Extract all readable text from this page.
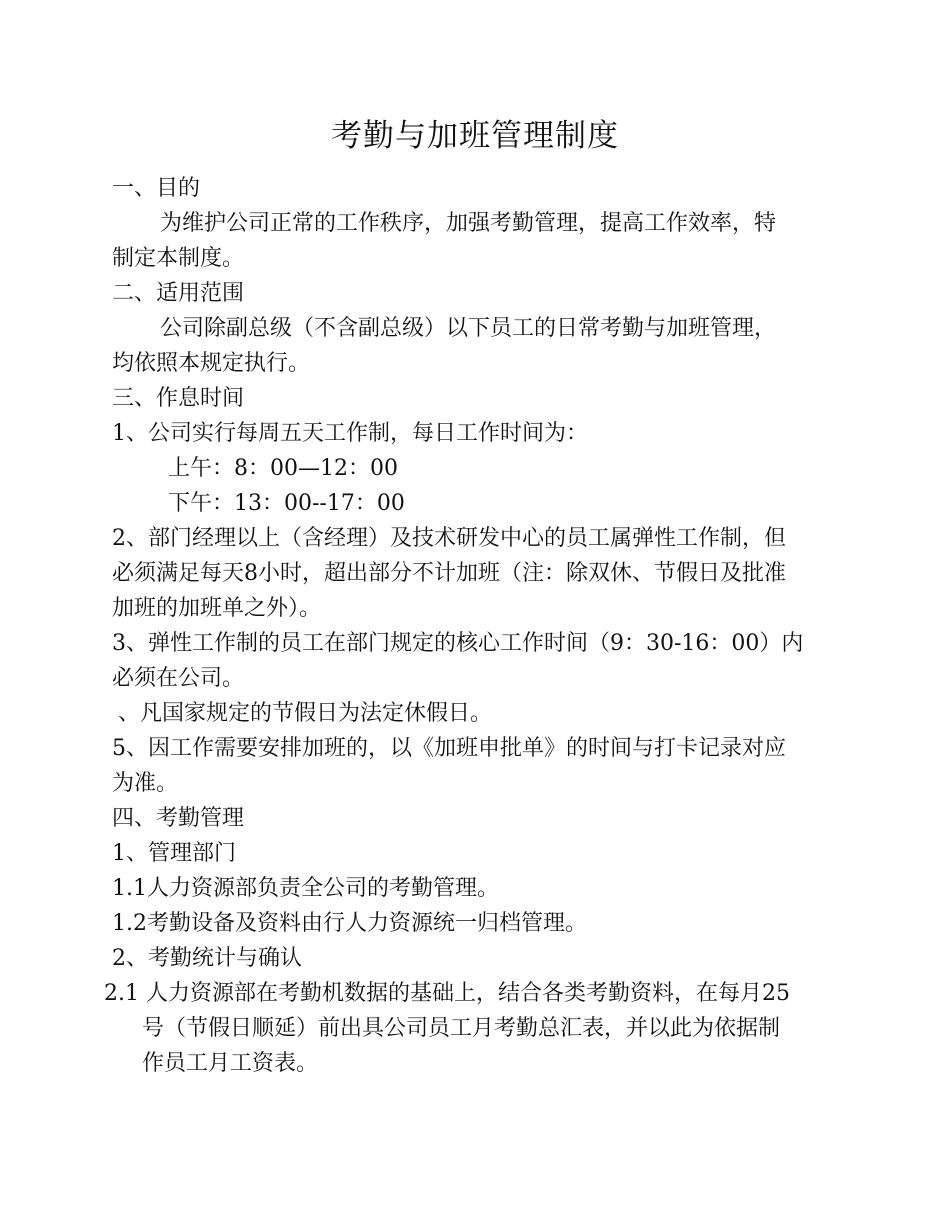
考勤与加班管理制度
一、目的
为维护公司正常的工作秩序，加强考勤管理，提高工作效率，特
制定本制度。
二、适用范围
公司除副总级（不含副总级）以下员工的日常考勤与加班管理，
均依照本规定执行。
三、作息时间
1、公司实行每周五天工作制，每日工作时间为：
上午：8：00—12：00
下午：13：00--17：00
2、部门经理以上（含经理）及技术研发中心的员工属弹性工作制，但
必须满足每天8小时，超出部分不计加班（注：除双休、节假日及批准
加班的加班单之外）。
3、弹性工作制的员工在部门规定的核心工作时间（9：30-16：00）内
必须在公司。
、凡国家规定的节假日为法定休假日。
5、因工作需要安排加班的，以《加班申批单》的时间与打卡记录对应
为准。
四、考勤管理
1、管理部门
1.1人力资源部负责全公司的考勤管理。
1.2考勤设备及资料由行人力资源统一归档管理。
2、考勤统计与确认
2.1 人力资源部在考勤机数据的基础上，结合各类考勤资料，在每月25
号（节假日顺延）前出具公司员工月考勤总汇表，并以此为依据制
作员工月工资表。
